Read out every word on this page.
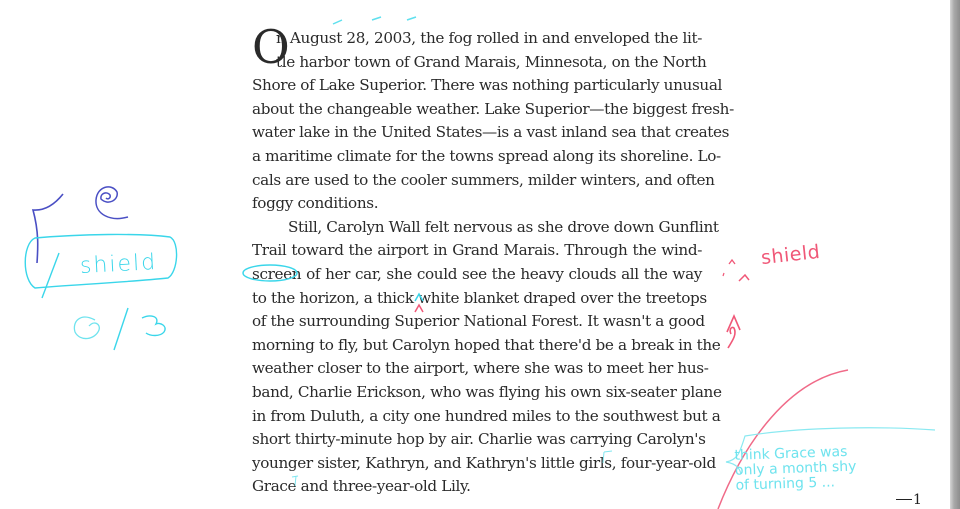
O
n August 28, 2003, the fog rolled in and enveloped the lit-
tle harbor town of Grand Marais, Minnesota, on the North
Shore of Lake Superior. There was nothing particularly unusual
about the changeable weather. Lake Superior—the biggest fresh-
water lake in the United States—is a vast inland sea that creates
a maritime climate for the towns spread along its shoreline. Lo-
cals are used to the cooler summers, milder winters, and often
foggy conditions.
Still, Carolyn Wall felt nervous as she drove down Gunflint
Trail toward the airport in Grand Marais. Through the wind-
screen of her car, she could see the heavy clouds all the way
to the horizon, a thick white blanket draped over the treetops
of the surrounding Superior National Forest. It wasn't a good
morning to fly, but Carolyn hoped that there'd be a break in the
weather closer to the airport, where she was to meet her hus-
band, Charlie Erickson, who was flying his own six-seater plane
in from Duluth, a city one hundred miles to the southwest but a
short thirty-minute hop by air. Charlie was carrying Carolyn's
younger sister, Kathryn, and Kathryn's little girls, four-year-old
Grace and three-year-old Lily.
1
shield	shield
think Grace was
only a month shy
of turning 5 ...
